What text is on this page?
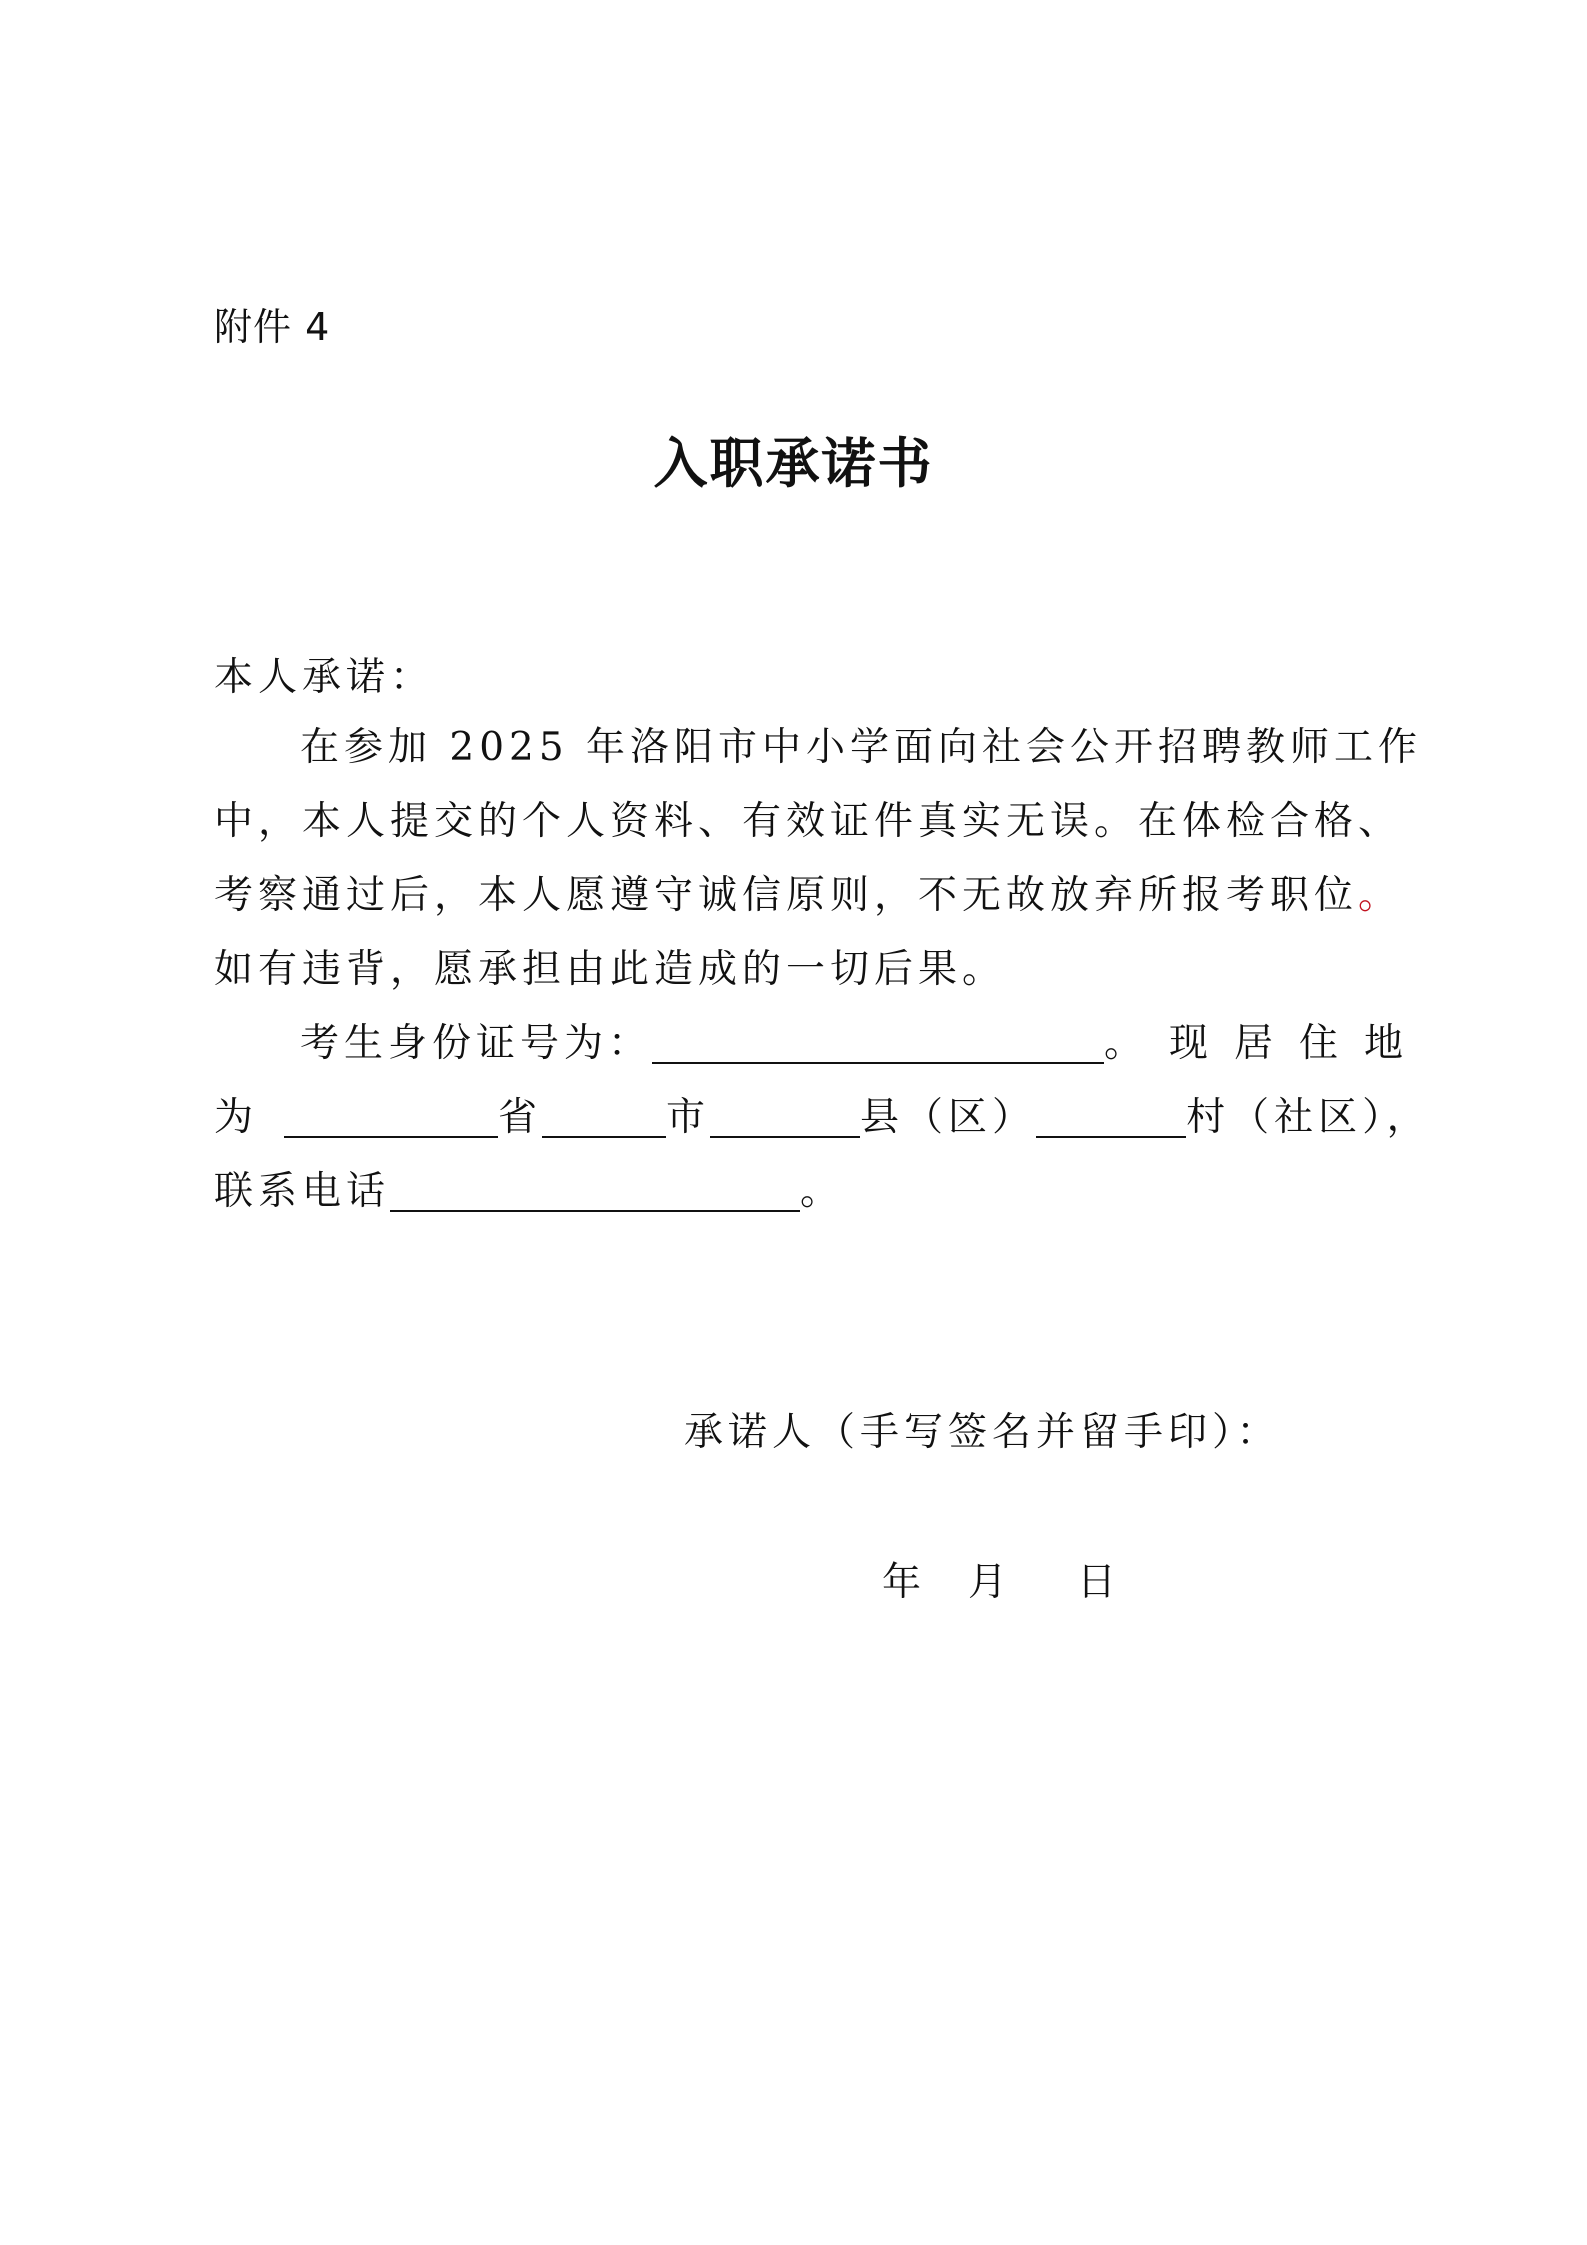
附件 4
入职承诺书
本人承诺：
在参加 2025 年洛阳市中小学面向社会公开招聘教师工作
中，本人提交的个人资料、有效证件真实无误。在体检合格、
考察通过后，本人愿遵守诚信原则，不无故放弃所报考职位。
如有违背，愿承担由此造成的一切后果。
考生身份证号为：	。现居住地
为	省	市	县（区）	村（社区），
联系电话	。
承诺人（手写签名并留手印）：
年 月 日
